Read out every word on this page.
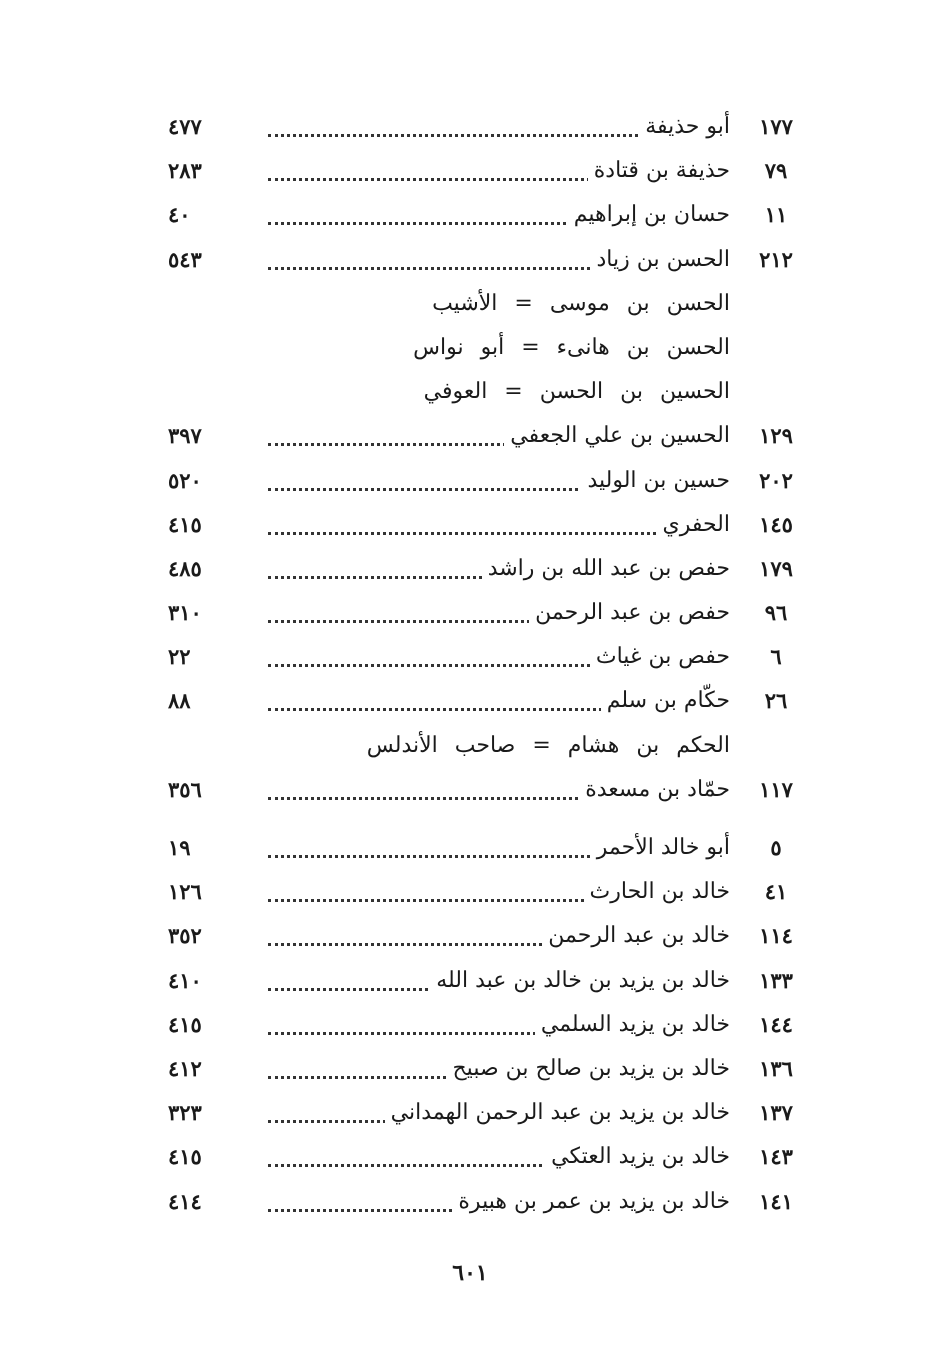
١٧٧
أبو حذيفة
٤٧٧
٧٩
حذيفة بن قتادة
٢٨٣
١١
حسان بن إبراهيم
٤٠
٢١٢
الحسن بن زياد
٥٤٣
الحسن بن موسى = الأشيب
الحسن بن هانىء = أبو نواس
الحسين بن الحسن = العوفي
١٢٩
الحسين بن علي الجعفي
٣٩٧
٢٠٢
حسين بن الوليد
٥٢٠
١٤٥
الحفري
٤١٥
١٧٩
حفص بن عبد الله بن راشد
٤٨٥
٩٦
حفص بن عبد الرحمن
٣١٠
٦
حفص بن غياث
٢٢
٢٦
حكّام بن سلم
٨٨
الحكم بن هشام = صاحب الأندلس
١١٧
حمّاد بن مسعدة
٣٥٦
٥
أبو خالد الأحمر
١٩
٤١
خالد بن الحارث
١٢٦
١١٤
خالد بن عبد الرحمن
٣٥٢
١٣٣
خالد بن يزيد بن خالد بن عبد الله
٤١٠
١٤٤
خالد بن يزيد السلمي
٤١٥
١٣٦
خالد بن يزيد بن صالح بن صبيح
٤١٢
١٣٧
خالد بن يزيد بن عبد الرحمن الهمداني
٣٢٣
١٤٣
خالد بن يزيد العتكي
٤١٥
١٤١
خالد بن يزيد بن عمر بن هبيرة
٤١٤
٦٠١
